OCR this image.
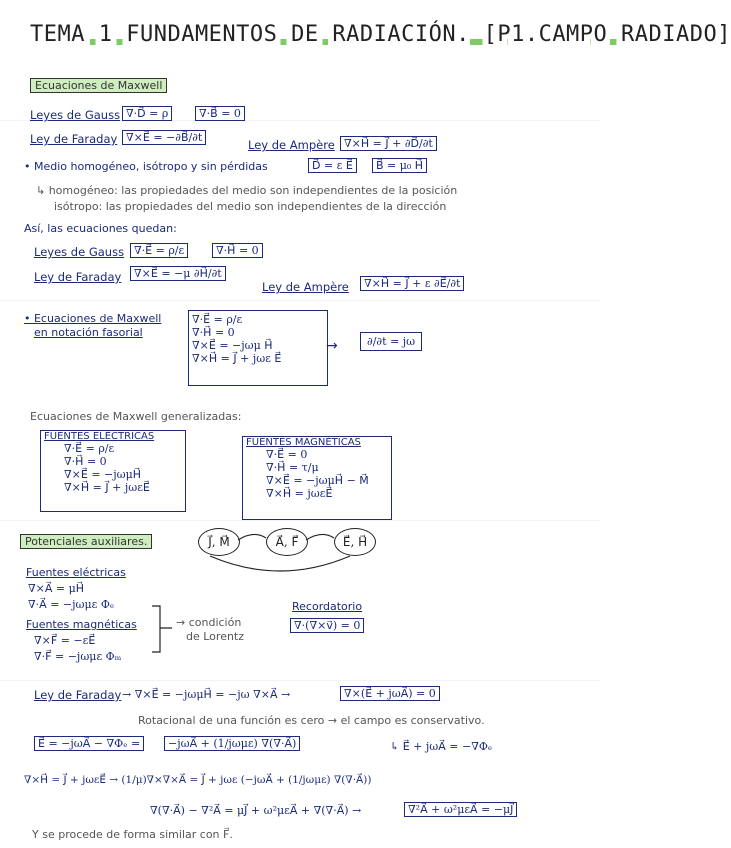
TEMA 1 FUNDAMENTOS DE RADIACIÓN. [P1.CAMPO RADIADO]
Ecuaciones de Maxwell
Leyes de Gauss ∇·D⃗ = ρ	∇·B⃗ = 0
Ley de Faraday ∇×E⃗ = −∂B⃗/∂t
Ley de Ampère ∇×H⃗ = J⃗ + ∂D⃗/∂t
• Medio homogéneo, isótropo y sin pérdidas	D⃗ = ε E⃗	B⃗ = μ₀ H⃗
↳ homogéneo: las propiedades del medio son independientes de la posición
isótropo: las propiedades del medio son independientes de la dirección
Así, las ecuaciones quedan:
Leyes de Gauss ∇·E⃗ = ρ/ε	∇·H⃗ = 0
Ley de Faraday	∇×E⃗ = −μ ∂H⃗/∂t
Ley de Ampère	∇×H⃗ = J⃗ + ε ∂E⃗/∂t
• Ecuaciones de Maxwell
en notación fasorial
∇·E⃗ = ρ/ε
∇·H⃗ = 0
∇×E⃗ = −jωμ H⃗
∇×H⃗ = J⃗ + jωε E⃗
→	∂/∂t = jω
Ecuaciones de Maxwell generalizadas:
FUENTES ELÉCTRICAS
∇·E⃗ = ρ/ε
∇·H⃗ = 0
∇×E⃗ = −jωμH⃗
∇×H⃗ = J⃗ + jωεE⃗
FUENTES MAGNÉTICAS
∇·E⃗ = 0
∇·H⃗ = τ/μ
∇×E⃗ = −jωμH⃗ − M⃗
∇×H⃗ = jωεE⃗
Potenciales auxiliares.	J⃗, M⃗	A⃗, F⃗	E⃗, H⃗
Fuentes eléctricas
∇×A⃗ = μH⃗
∇·A⃗ = −jωμε Φₑ
Fuentes magnéticas
∇×F⃗ = −εE⃗
∇·F⃗ = −jωμε Φₘ
→ condición
de Lorentz
Recordatorio
∇·(∇×v⃗) = 0
Ley de Faraday → ∇×E⃗ = −jωμH⃗ = −jω ∇×A⃗ →	∇×(E⃗ + jωA⃗) = 0
Rotacional de una función es cero → el campo es conservativo.
E⃗ = −jωA⃗ − ∇Φₑ =	−jωA⃗ + (1/jωμε) ∇(∇·A⃗)	↳ E⃗ + jωA⃗ = −∇Φₑ
∇×H⃗ = J⃗ + jωεE⃗ → (1/μ)∇×∇×A⃗ = J⃗ + jωε (−jωA⃗ + (1/jωμε) ∇(∇·A⃗))
∇(∇·A⃗) − ∇²A⃗ = μJ⃗ + ω²μεA⃗ + ∇(∇·A⃗) →	∇²A⃗ + ω²μεA⃗ = −μJ⃗
Y se procede de forma similar con F⃗.
